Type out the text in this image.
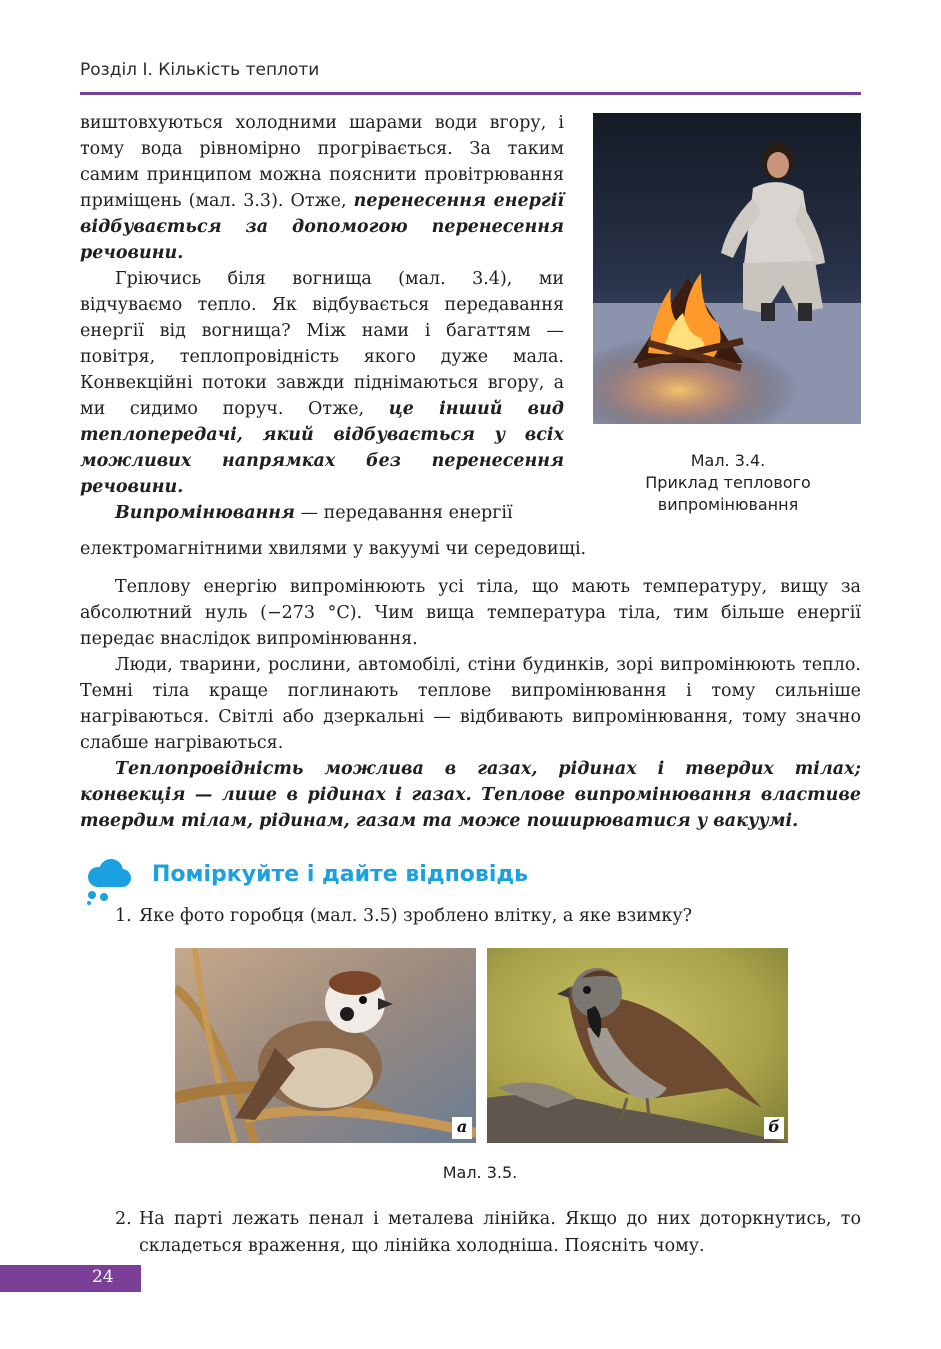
Розділ I. Кількість теплоти

виштовхуються холодними шарами води вгору, і тому вода рівномірно прогрівається. За таким самим принципом можна пояснити провітрювання приміщень (мал. 3.3). Отже, перенесення енергії відбувається за допомогою перенесення речовини.

Гріючись біля вогнища (мал. 3.4), ми відчуваємо тепло. Як відбувається передавання енергії від вогнища? Між нами і багаттям — повітря, теплопровідність якого дуже мала. Конвекційні потоки завжди піднімаються вгору, а ми сидимо поруч. Отже, це інший вид теплопередачі, який відбувається у всіх можливих напрямках без перенесення речовини.

Випромінювання — передавання енергії

електромагнітними хвилями у вакуумі чи середовищі.

Теплову енергію випромінюють усі тіла, що мають температуру, вищу за абсолютний нуль (−273 °С). Чим вища температура тіла, тим більше енергії передає внаслідок випромінювання.

Люди, тварини, рослини, автомобілі, стіни будинків, зорі випромінюють тепло. Темні тіла краще поглинають теплове випромінювання і тому сильніше нагріваються. Світлі або дзеркальні — відбивають випромінювання, тому значно слабше нагріваються.

Теплопровідність можлива в газах, рідинах і твердих тілах; конвекція — лише в рідинах і газах. Теплове випромінювання властиве твердим тілам, рідинам, газам та може поширюватися у вакуумі.

Мал. 3.4.
Приклад теплового
випромінювання
Поміркуйте і дайте відповідь
1. Яке фото горобця (мал. 3.5) зроблено влітку, а яке взимку?
а	б
Мал. 3.5.
2. На парті лежать пенал і металева лінійка. Якщо до них доторкнутись, то складеться враження, що лінійка холодніша. Поясніть чому.
24
